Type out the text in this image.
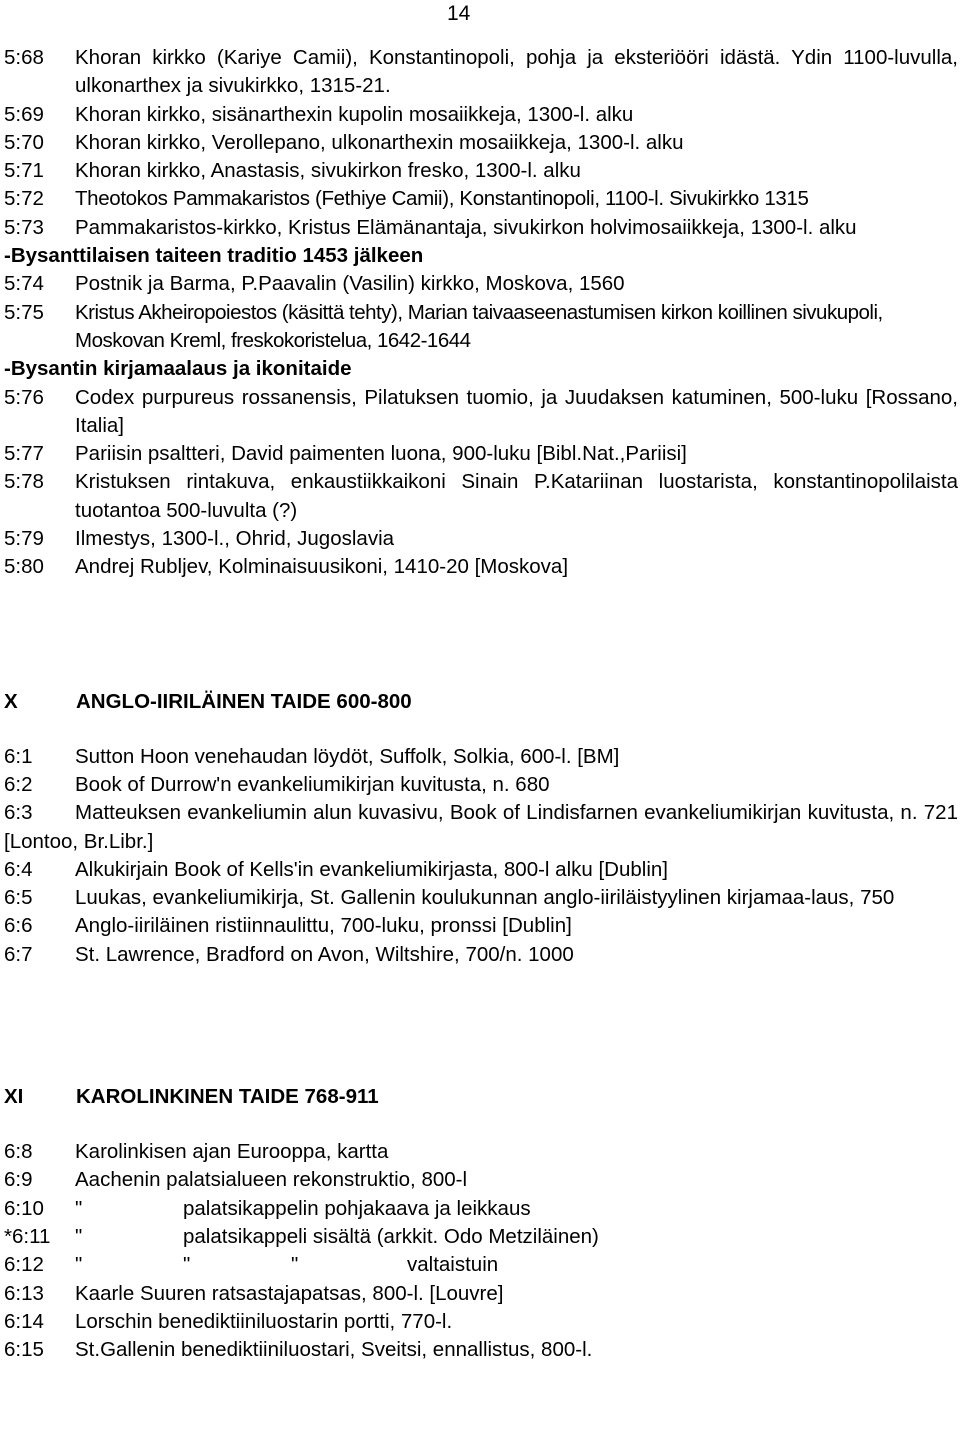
14
5:68	Khoran kirkko (Kariye Camii), Konstantinopoli, pohja ja eksteriööri idästä. Ydin 1100-luvulla, ulkonarthex ja sivukirkko, 1315-21.
5:69	Khoran kirkko, sisänarthexin kupolin mosaiikkeja, 1300-l. alku
5:70	Khoran kirkko, Verollepano, ulkonarthexin mosaiikkeja, 1300-l. alku
5:71	Khoran kirkko, Anastasis, sivukirkon fresko, 1300-l. alku
5:72	Theotokos Pammakaristos (Fethiye Camii), Konstantinopoli, 1100-l. Sivukirkko 1315
5:73	Pammakaristos-kirkko, Kristus Elämänantaja, sivukirkon holvimosaiikkeja, 1300-l. alku
-Bysanttilaisen taiteen traditio 1453 jälkeen
5:74	Postnik ja Barma, P.Paavalin (Vasilin) kirkko, Moskova, 1560
5:75	Kristus Akheiropoiestos (käsittä tehty), Marian taivaaseenastumisen kirkon koillinen sivukupoli, Moskovan Kreml, freskokoristelua, 1642-1644
-Bysantin kirjamaalaus ja ikonitaide
5:76	Codex purpureus rossanensis, Pilatuksen tuomio, ja Juudaksen katuminen, 500-luku [Rossano, Italia]
5:77	Pariisin psaltteri, David paimenten luona, 900-luku [Bibl.Nat.,Pariisi]
5:78	Kristuksen rintakuva, enkaustiikkaikoni Sinain P.Katariinan luostarista, konstantinopolilaista tuotantoa 500-luvulta (?)
5:79	Ilmestys, 1300-l., Ohrid, Jugoslavia
5:80	Andrej Rubljev, Kolminaisuusikoni, 1410-20 [Moskova]
X	ANGLO-IIRILÄINEN TAIDE 600-800
6:1	Sutton Hoon venehaudan löydöt, Suffolk, Solkia, 600-l. [BM]
6:2	Book of Durrow'n evankeliumikirjan kuvitusta, n. 680
6:3 Matteuksen evankeliumin alun kuvasivu, Book of Lindisfarnen evankeliumikirjan kuvitusta, n. 721 [Lontoo, Br.Libr.]
6:4	Alkukirjain Book of Kells'in evankeliumikirjasta, 800-l alku [Dublin]
6:5	Luukas, evankeliumikirja, St. Gallenin koulukunnan anglo-iiriläistyylinen kirjamaa-laus, 750
6:6	Anglo-iiriläinen ristiinnaulittu, 700-luku, pronssi [Dublin]
6:7	St. Lawrence, Bradford on Avon, Wiltshire, 700/n. 1000
XI	KAROLINKINEN TAIDE 768-911
6:8	Karolinkisen ajan Eurooppa, kartta
6:9	Aachenin palatsialueen rekonstruktio, 800-l
6:10	"	palatsikappelin pohjakaava ja leikkaus
*6:11	"	palatsikappeli sisältä (arkkit. Odo Metziläinen)
6:12	"	"	"	valtaistuin
6:13	Kaarle Suuren ratsastajapatsas, 800-l. [Louvre]
6:14	Lorschin benediktiiniluostarin portti, 770-l.
6:15	St.Gallenin benediktiiniluostari, Sveitsi, ennallistus, 800-l.
